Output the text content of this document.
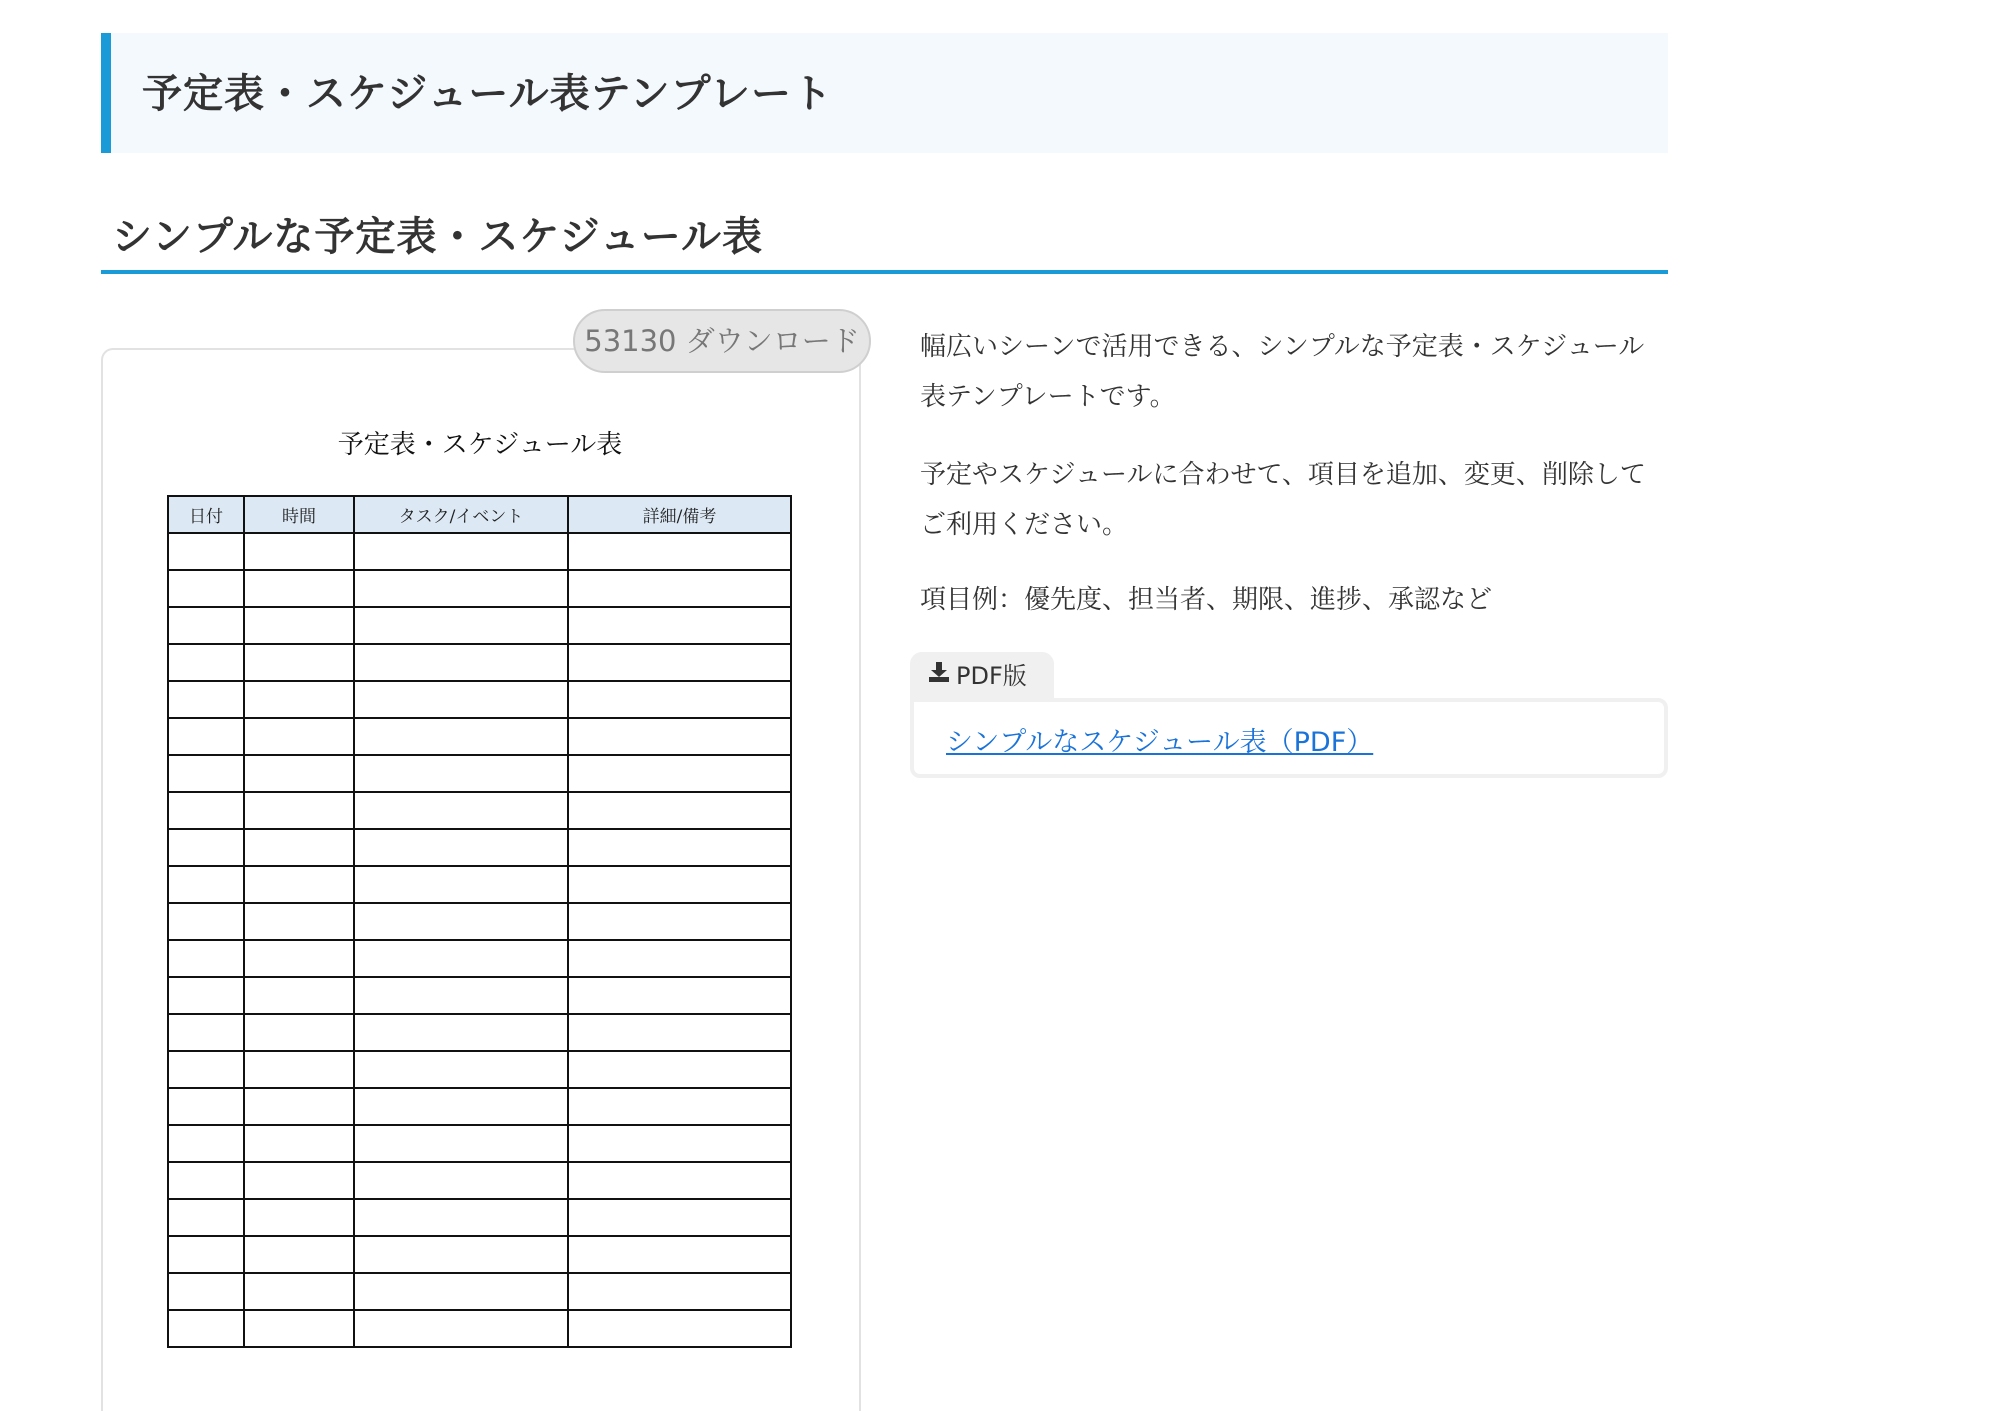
予定表・スケジュール表テンプレート
シンプルな予定表・スケジュール表
53130 ダウンロード
予定表・スケジュール表
日付	時間	タスク/イベント	詳細/備考

幅広いシーンで活用できる、シンプルな予定表・スケジュール表テンプレートです。

予定やスケジュールに合わせて、項目を追加、変更、削除してご利用ください。

項目例：優先度、担当者、期限、進捗、承認など

PDF版
シンプルなスケジュール表（PDF）
